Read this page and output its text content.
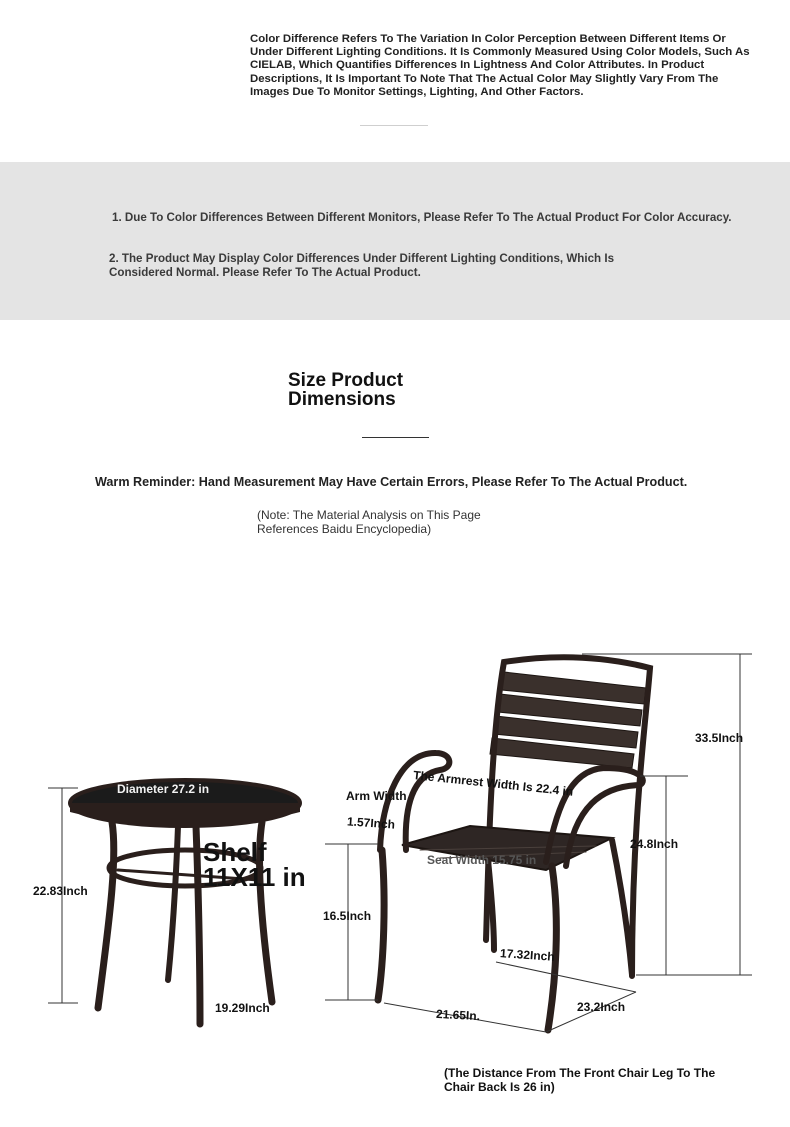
Color Difference Refers To The Variation In Color Perception Between Different Items Or Under Different Lighting Conditions. It Is Commonly Measured Using Color Models, Such As CIELAB, Which Quantifies Differences In Lightness And Color Attributes. In Product Descriptions, It Is Important To Note That The Actual Color May Slightly Vary From The Images Due To Monitor Settings, Lighting, And Other Factors.
1. Due To Color Differences Between Different Monitors, Please Refer To The Actual Product For Color Accuracy.
2. The Product May Display Color Differences Under Different Lighting Conditions, Which Is Considered Normal. Please Refer To The Actual Product.
Size Product
Dimensions
Warm Reminder: Hand Measurement May Have Certain Errors, Please Refer To The Actual Product.
(Note: The Material Analysis on This Page References Baidu Encyclopedia)
Diameter 27.2 in
22.83Inch
19.29Inch
Shelf
11X11 in
Arm Width
1.57Inch
The Armrest Width Is 22.4 in
33.5Inch
24.8Inch
Seat Width 15.75 in
16.5Inch
17.32Inch
21.65In.	23.2Inch
(The Distance From The Front Chair Leg To The Chair Back Is 26 in)
